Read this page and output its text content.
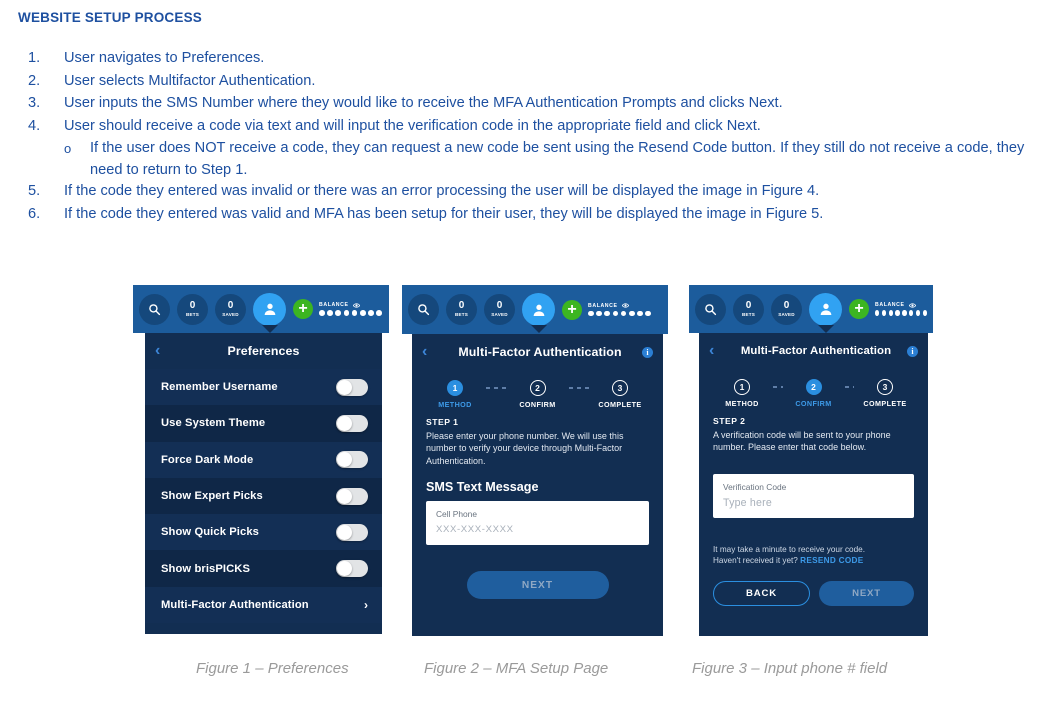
WEBSITE SETUP PROCESS
1.	User navigates to Preferences.
2.	User selects Multifactor Authentication.
3.	User inputs the SMS Number where they would like to receive the MFA Authentication Prompts and clicks Next.
4.	User should receive a code via text and will input the verification code in the appropriate field and click Next.
o	If the user does NOT receive a code, they can request a new code be sent using the Resend Code button. If they still do not receive a code, they need to return to Step 1.
5.	If the code they entered was invalid or there was an error processing the user will be displayed the image in Figure 4.
6.	If the code they entered was valid and MFA has been setup for their user, they will be displayed the image in Figure 5.
0
BETS
0
SAVED	+	BALANCE
‹	Preferences
Remember Username
Use System Theme
Force Dark Mode
Show Expert Picks
Show Quick Picks
Show brisPICKS
Multi-Factor Authentication	›
0
BETS
0
SAVED	+	BALANCE
‹	Multi-Factor Authentication	i
1
METHOD
2
CONFIRM
3
COMPLETE
STEP 1
Please enter your phone number. We will use this number to verify your device through Multi-Factor Authentication.
SMS Text Message
Cell Phone
XXX-XXX-XXXX
NEXT
0
BETS
0
SAVED	+	BALANCE
‹	Multi-Factor Authentication	i
1
METHOD
2
CONFIRM
3
COMPLETE
STEP 2
A verification code will be sent to your phone number. Please enter that code below.
Verification Code
Type here
It may take a minute to receive your code.
Haven't received it yet? RESEND CODE
BACK	NEXT
Figure 1 – Preferences	Figure 2 – MFA Setup Page	Figure 3 – Input phone # field
